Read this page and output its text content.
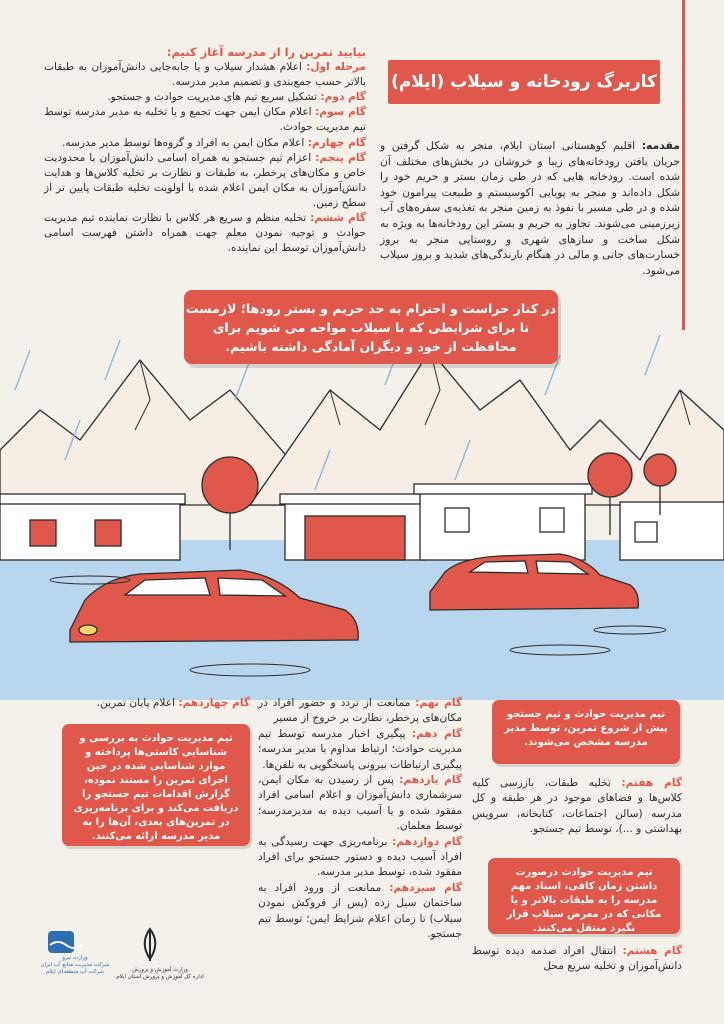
کاربرگ رودخانه و سیلاب (ایلام)
بیایید تمرین را از مدرسه آغاز کنیم:
مرحله اول: اعلام هشدار سیلاب و یا جابه‌جایی دانش‌آموزان به طبقات بالاتر حسب جمع‌بندی و تصمیم مدیر مدرسه.
گام دوم: تشکیل سریع تیم های مدیریت حوادث و جستجو.
گام سوم: اعلام مکان ایمن جهت تجمع و یا تخلیه به مدیر مدرسه توسط تیم مدیریت حوادث.
گام چهارم: اعلام مکان ایمن به افراد و گروه‌ها توسط مدیر مدرسه.
گام پنجم: اعزام تیم جستجو به همراه اسامی دانش‌آموزان با محدودیت خاص و مکان‌های پرخطر، به طبقات و نظارت بر تخلیه کلاس‌ها و هدایت دانش‌آموزان به مکان ایمن اعلام شده با اولویت تخلیه طبقات پایین تر از سطح زمین.
گام ششم: تخلیه منظم و سریع هر کلاس با نظارت نماینده تیم مدیریت حوادث و توجیه نمودن معلم جهت همراه داشتن فهرست اسامی دانش‌آموزان توسط این نماینده.
مقدمه: اقلیم کوهستانی استان ایلام، منجر به شکل گرفتن و جریان یافتن رودخانه‌های زیبا و خروشان در بخش‌های مختلف آن شده است. رودخانه هایی که در طی زمان بستر و حریم خود را شکل داده‌اند و منجر به پویایی اکوسیستم و طبیعت پیرامون خود شده و در طی مسیر با نفوذ به زمین منجر به تغذیه‌ی سفره‌های آب زیرزمینی می‌شوند. تجاوز به حریم و بستر این رودخانه‌ها به ویژه به شکل ساخت و سازهای شهری و روستایی منجر به بروز خسارت‌های جانی و مالی در هنگام بارندگی‌های شدید و بروز سیلاب می‌شود.
در کنار حراست و احترام به حد حریم و بستر رودها؛ لازمست تا برای شرایطی که با سیلاب مواجه می شویم برای محافظت از خود و دیگران آمادگی داشته باشیم.
تیم مدیریت حوادث و تیم جستجو پیش از شروع تمرین، توسط مدیر مدرسه مشخص می‌شوند.
گام هفتم: تخلیه طبقات، بازرسی کلیه کلاس‌ها و فضاهای موجود در هر طبقه و کل مدرسه (سالن اجتماعات، کتابخانه، سرویس بهداشتی و ...)، توسط تیم جستجو.
تیم مدیریت حوادث درصورت داشتن زمان کافی، اسناد مهم مدرسه را به طبقات بالاتر و یا مکانی که در معرض سیلاب قرار نگیرد منتقل می‌کنند.
گام هشتم: انتقال افراد صدمه دیده توسط دانش‌آموزان و تخلیه سریع محل
گام نهم: ممانعت از تردد و حضور افراد در مکان‌های پرخطر، نظارت بر خروج از مسیر
گام دهم: پیگیری اخبار مدرسه توسط تیم مدیریت حوادث؛ ارتباط مداوم با مدیر مدرسه؛ پیگیری ارتباطات بیرونی پاسخگویی به تلفن‌ها.
گام یازدهم: پس از رسیدن به مکان ایمن، سرشماری دانش‌آموزان و اعلام اسامی افراد مفقود شده و یا آسیب دیده به مدیرمدرسه؛ توسط معلمان.
گام دوازدهم: برنامه‌ریزی جهت رسیدگی به افراد آسیب دیده و دستور جستجو برای افراد مفقود شده، توسط مدیر مدرسه.
گام سیزدهم: ممانعت از ورود افراد به ساختمان سیل زده (پس از فروکش نمودن سیلاب) تا زمان اعلام شرایط ایمن؛ توسط تیم جستجو.
گام چهاردهم: اعلام پایان تمرین.
تیم مدیریت حوادث به بررسی و شناسایی کاستی‌ها پرداخته و موارد شناسایی شده در حین اجرای تمرین را مستند نموده، گزارش اقدامات تیم جستجو را دریافت می‌کند و برای برنامه‌ریزی در تمرین‌های بعدی، آن‌ها را به مدیر مدرسه ارائه می‌کنند.
وزارت نیرو
شرکت مدیریت منابع آب ایران
شرکت آب منطقه‌ای ایلام	وزارت آموزش و پرورش
اداره کل آموزش و پرورش استان ایلام
